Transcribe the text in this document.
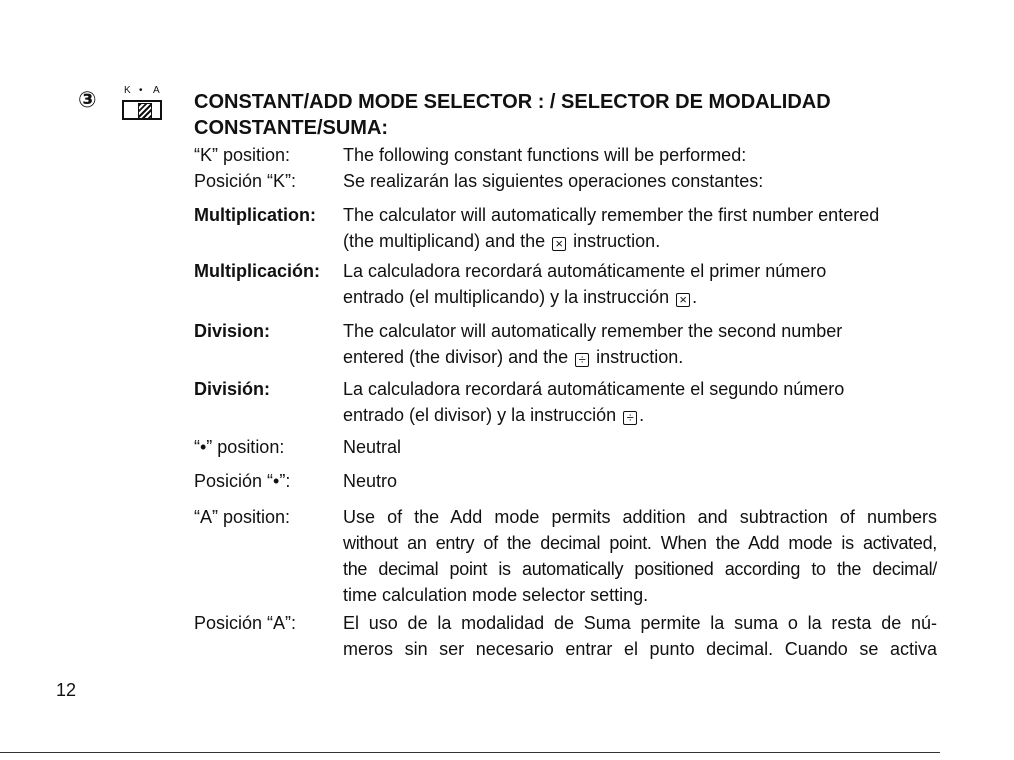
③	K • A
CONSTANT/ADD MODE SELECTOR : / SELECTOR DE MODALIDAD
CONSTANTE/SUMA:
“K” position:	The following constant functions will be performed:
Posición “K”:	Se realizarán las siguientes operaciones constantes:
Multiplication: The calculator will automatically remember the first number entered
(the multiplicand) and the × instruction.
Multiplicación: La calculadora recordará automáticamente el primer número
entrado (el multiplicando) y la instrucción × .
Division:	The calculator will automatically remember the second number
entered (the divisor) and the ÷ instruction.
División:	La calculadora recordará automáticamente el segundo número
entrado (el divisor) y la instrucción ÷ .
“•” position:	Neutral
Posición “•”:	Neutro
“A” position:	Use of the Add mode permits addition and subtraction of numbers
without an entry of the decimal point. When the Add mode is activated,
the decimal point is automatically positioned according to the decimal/
time calculation mode selector setting.
Posición “A”:	El uso de la modalidad de Suma permite la suma o la resta de nú-
meros sin ser necesario entrar el punto decimal. Cuando se activa
12
